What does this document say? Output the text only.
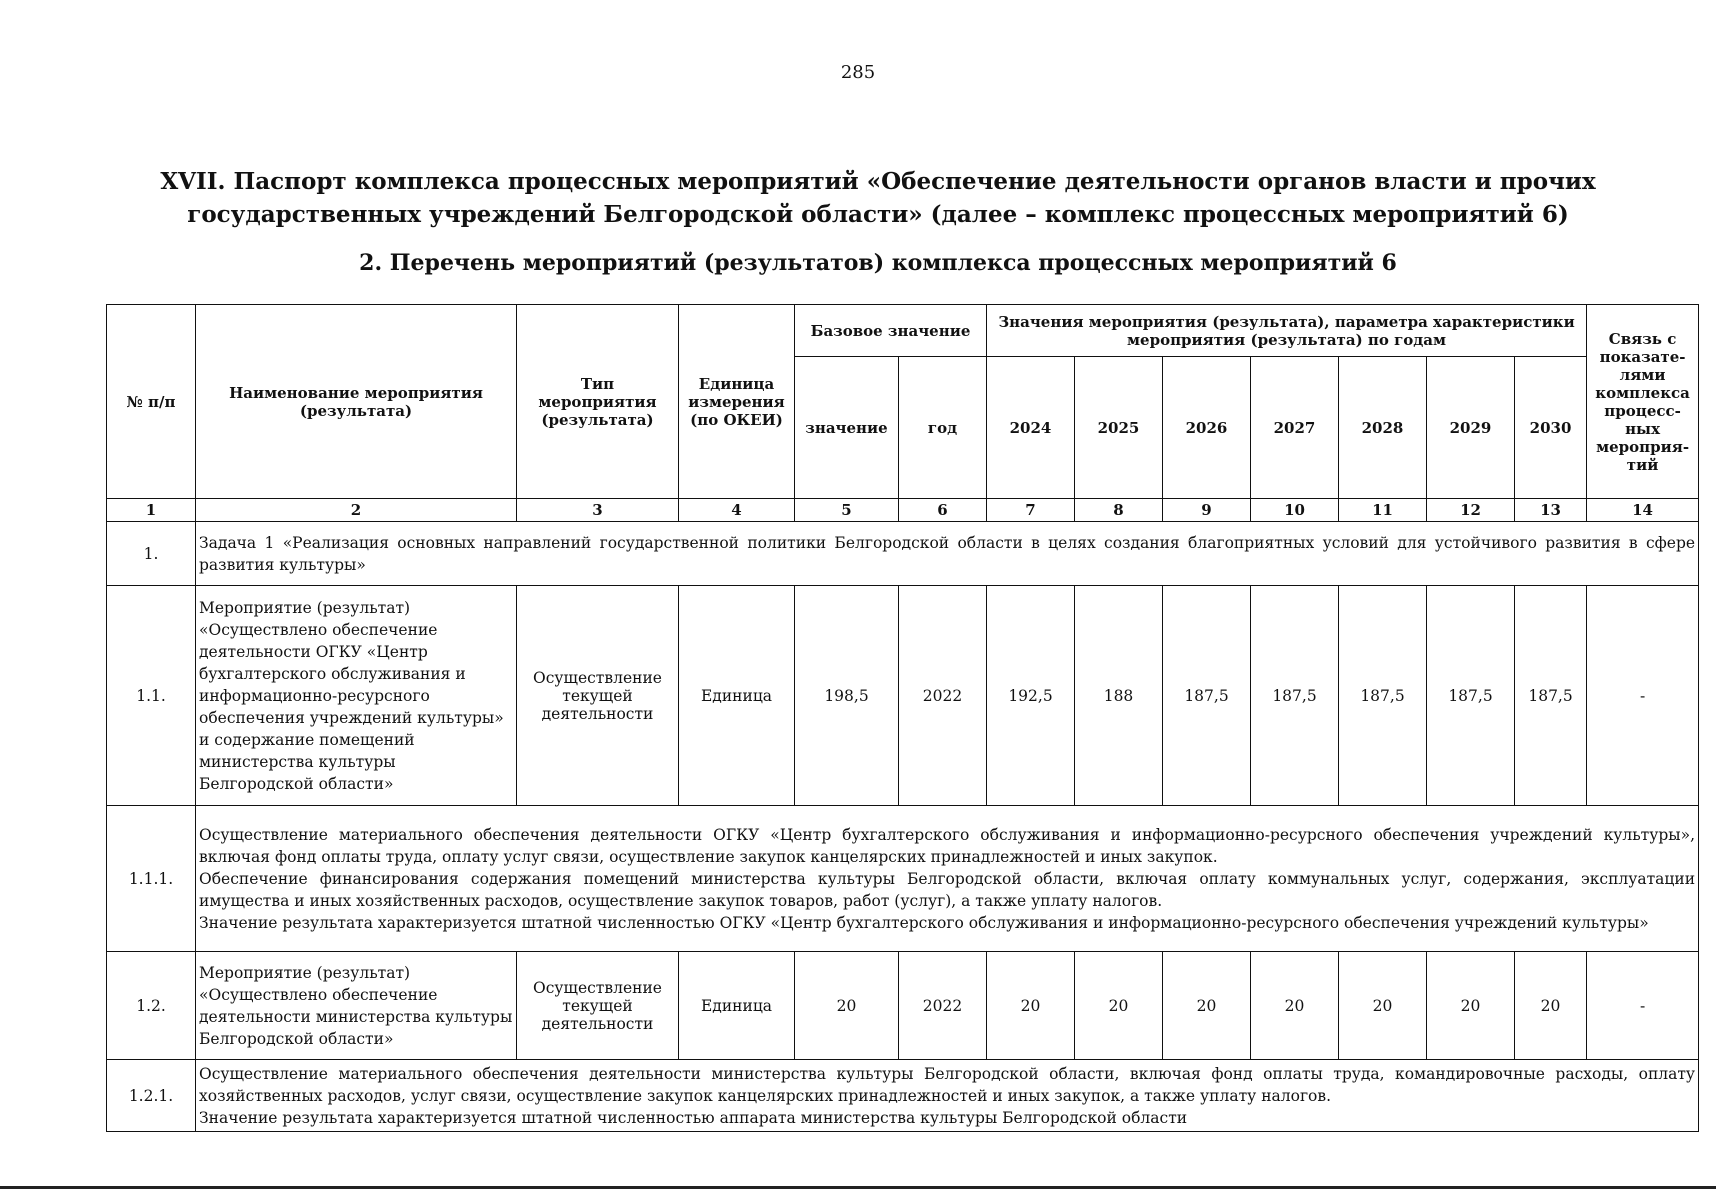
285
XVII. Паспорт комплекса процессных мероприятий «Обеспечение деятельности органов власти и прочих
государственных учреждений Белгородской области» (далее – комплекс процессных мероприятий 6)
2. Перечень мероприятий (результатов) комплекса процессных мероприятий 6
№ п/п	Наименование мероприятия (результата)	Тип мероприятия (результата)	Единица измерения (по ОКЕИ)	Базовое значение		Значения мероприятия (результата), параметра характеристики мероприятия (результата) по годам							Связь с показате-лями комплекса процесс-ных мероприя-тий
				значение	год	2024	2025	2026	2027	2028	2029	2030	
1	2	3	4	5	6	7	8	9	10	11	12	13	14
1.	Задача 1 «Реализация основных направлений государственной политики Белгородской области в целях создания благоприятных условий для устойчивого развития в сфере развития культуры»												
1.1.	Мероприятие (результат) «Осуществлено обеспечение деятельности ОГКУ «Центр бухгалтерского обслуживания и информационно-ресурсного обеспечения учреждений культуры» и содержание помещений министерства культуры Белгородской области»	Осуществление текущей деятельности	Единица	198,5	2022	192,5	188	187,5	187,5	187,5	187,5	187,5	-
1.1.1.	Осуществление материального обеспечения деятельности ОГКУ «Центр бухгалтерского обслуживания и информационно-ресурсного обеспечения учреждений культуры», включая фонд оплаты труда, оплату услуг связи, осуществление закупок канцелярских принадлежностей и иных закупок.
Обеспечение финансирования содержания помещений министерства культуры Белгородской области, включая оплату коммунальных услуг, содержания, эксплуатации имущества и иных хозяйственных расходов, осуществление закупок товаров, работ (услуг), а также уплату налогов.
Значение результата характеризуется штатной численностью ОГКУ «Центр бухгалтерского обслуживания и информационно-ресурсного обеспечения учреждений культуры»												

1.2.	Мероприятие (результат) «Осуществлено обеспечение деятельности министерства культуры Белгородской области»	Осуществление текущей деятельности	Единица	20	2022	20	20	20	20	20	20	20	-
1.2.1.	Осуществление материального обеспечения деятельности министерства культуры Белгородской области, включая фонд оплаты труда, командировочные расходы, оплату хозяйственных расходов, услуг связи, осуществление закупок канцелярских принадлежностей и иных закупок, а также уплату налогов.
Значение результата характеризуется штатной численностью аппарата министерства культуры Белгородской области												
